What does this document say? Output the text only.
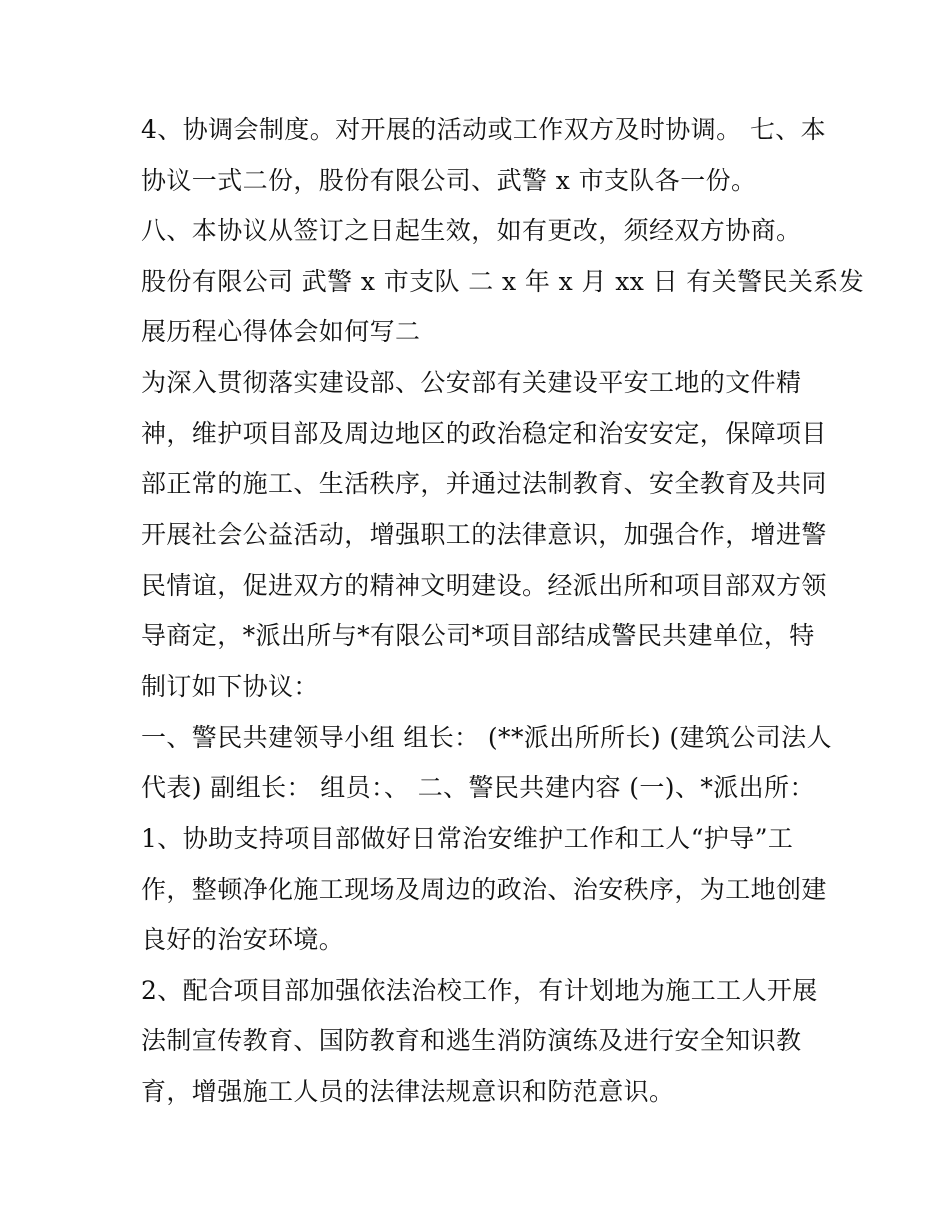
4、协调会制度。对开展的活动或工作双方及时协调。 七、本
协议一式二份，股份有限公司、武警 x 市支队各一份。
八、本协议从签订之日起生效，如有更改，须经双方协商。
股份有限公司 武警 x 市支队 二 x 年 x 月 xx 日 有关警民关系发
展历程心得体会如何写二
为深入贯彻落实建设部、公安部有关建设平安工地的文件精
神，维护项目部及周边地区的政治稳定和治安安定，保障项目
部正常的施工、生活秩序，并通过法制教育、安全教育及共同
开展社会公益活动，增强职工的法律意识，加强合作，增进警
民情谊，促进双方的精神文明建设。经派出所和项目部双方领
导商定，*派出所与*有限公司*项目部结成警民共建单位，特
制订如下协议：
一、警民共建领导小组 组长： (**派出所所长) (建筑公司法人
代表) 副组长： 组员：、 二、警民共建内容 (一)、*派出所：
1、协助支持项目部做好日常治安维护工作和工人“护导”工
作，整顿净化施工现场及周边的政治、治安秩序，为工地创建
良好的治安环境。
2、配合项目部加强依法治校工作，有计划地为施工工人开展
法制宣传教育、国防教育和逃生消防演练及进行安全知识教
育，增强施工人员的法律法规意识和防范意识。
